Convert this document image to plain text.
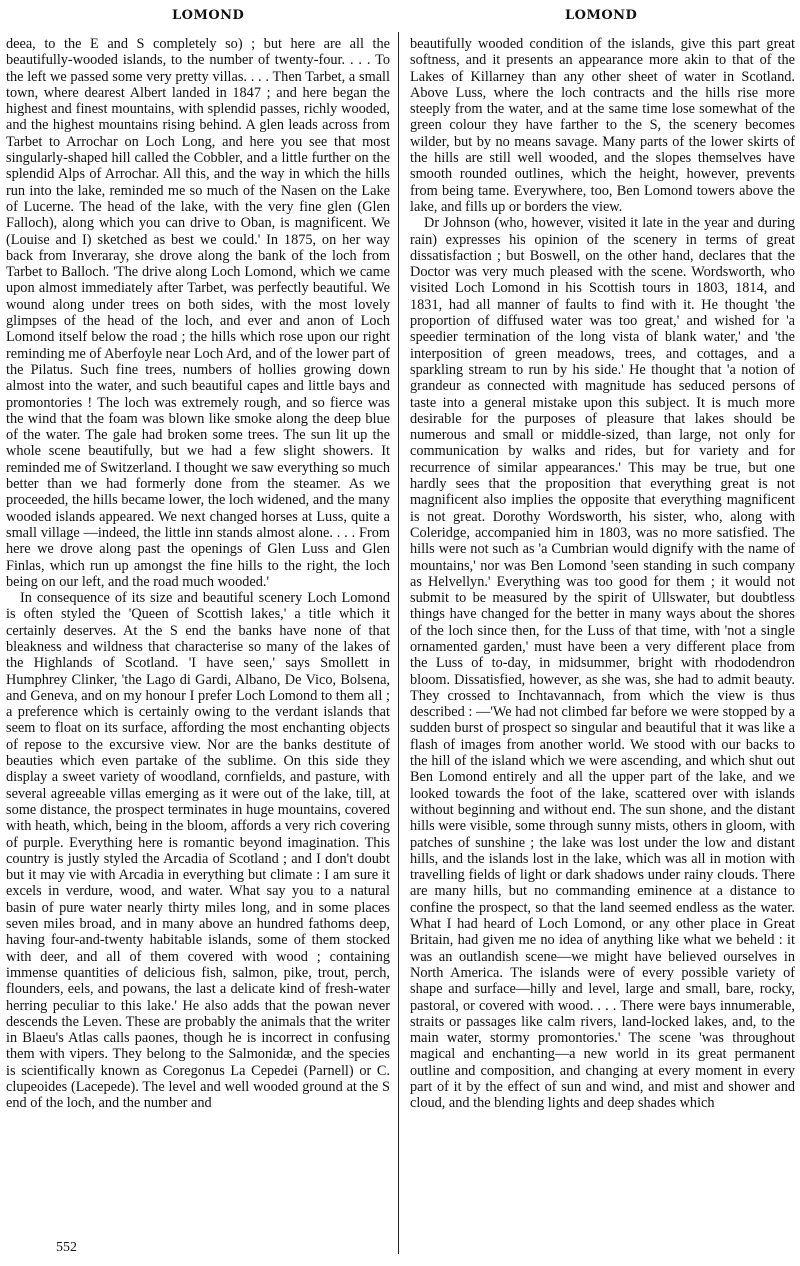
LOMOND	LOMOND

deea, to the E and S completely so) ; but here are all the beautifully-wooded islands, to the number of twenty-four. . . . To the left we passed some very pretty villas. . . . Then Tarbet, a small town, where dearest Albert landed in 1847 ; and here began the highest and finest mountains, with splendid passes, richly wooded, and the highest mountains rising behind. A glen leads across from Tarbet to Arrochar on Loch Long, and here you see that most singularly-shaped hill called the Cobbler, and a little further on the splendid Alps of Arrochar. All this, and the way in which the hills run into the lake, reminded me so much of the Nasen on the Lake of Lucerne. The head of the lake, with the very fine glen (Glen Falloch), along which you can drive to Oban, is magnificent. We (Louise and I) sketched as best we could.' In 1875, on her way back from Inveraray, she drove along the bank of the loch from Tarbet to Balloch. 'The drive along Loch Lomond, which we came upon almost immediately after Tarbet, was perfectly beautiful. We wound along under trees on both sides, with the most lovely glimpses of the head of the loch, and ever and anon of Loch Lomond itself below the road ; the hills which rose upon our right reminding me of Aberfoyle near Loch Ard, and of the lower part of the Pilatus. Such fine trees, numbers of hollies growing down almost into the water, and such beautiful capes and little bays and promontories ! The loch was extremely rough, and so fierce was the wind that the foam was blown like smoke along the deep blue of the water. The gale had broken some trees. The sun lit up the whole scene beautifully, but we had a few slight showers. It reminded me of Switzerland. I thought we saw everything so much better than we had formerly done from the steamer. As we proceeded, the hills became lower, the loch widened, and the many wooded islands appeared. We next changed horses at Luss, quite a small village —indeed, the little inn stands almost alone. . . . From here we drove along past the openings of Glen Luss and Glen Finlas, which run up amongst the fine hills to the right, the loch being on our left, and the road much wooded.'

In consequence of its size and beautiful scenery Loch Lomond is often styled the 'Queen of Scottish lakes,' a title which it certainly deserves. At the S end the banks have none of that bleakness and wildness that characterise so many of the lakes of the Highlands of Scotland. 'I have seen,' says Smollett in Humphrey Clinker, 'the Lago di Gardi, Albano, De Vico, Bolsena, and Geneva, and on my honour I prefer Loch Lomond to them all ; a preference which is certainly owing to the verdant islands that seem to float on its surface, affording the most enchanting objects of repose to the excursive view. Nor are the banks destitute of beauties which even partake of the sublime. On this side they display a sweet variety of woodland, cornfields, and pasture, with several agreeable villas emerging as it were out of the lake, till, at some distance, the prospect terminates in huge mountains, covered with heath, which, being in the bloom, affords a very rich covering of purple. Everything here is romantic beyond imagination. This country is justly styled the Arcadia of Scotland ; and I don't doubt but it may vie with Arcadia in everything but climate : I am sure it excels in verdure, wood, and water. What say you to a natural basin of pure water nearly thirty miles long, and in some places seven miles broad, and in many above an hundred fathoms deep, having four-and-twenty habitable islands, some of them stocked with deer, and all of them covered with wood ; containing immense quantities of delicious fish, salmon, pike, trout, perch, flounders, eels, and powans, the last a delicate kind of fresh-water herring peculiar to this lake.' He also adds that the powan never descends the Leven. These are probably the animals that the writer in Blaeu's Atlas calls paones, though he is incorrect in confusing them with vipers. They belong to the Salmonidæ, and the species is scientifically known as Coregonus La Cepedei (Parnell) or C. clupeoides (Lacepede). The level and well wooded ground at the S end of the loch, and the number and

beautifully wooded condition of the islands, give this part great softness, and it presents an appearance more akin to that of the Lakes of Killarney than any other sheet of water in Scotland. Above Luss, where the loch contracts and the hills rise more steeply from the water, and at the same time lose somewhat of the green colour they have farther to the S, the scenery becomes wilder, but by no means savage. Many parts of the lower skirts of the hills are still well wooded, and the slopes themselves have smooth rounded outlines, which the height, however, prevents from being tame. Everywhere, too, Ben Lomond towers above the lake, and fills up or borders the view.

Dr Johnson (who, however, visited it late in the year and during rain) expresses his opinion of the scenery in terms of great dissatisfaction ; but Boswell, on the other hand, declares that the Doctor was very much pleased with the scene. Wordsworth, who visited Loch Lomond in his Scottish tours in 1803, 1814, and 1831, had all manner of faults to find with it. He thought 'the proportion of diffused water was too great,' and wished for 'a speedier termination of the long vista of blank water,' and 'the interposition of green meadows, trees, and cottages, and a sparkling stream to run by his side.' He thought that 'a notion of grandeur as connected with magnitude has seduced persons of taste into a general mistake upon this subject. It is much more desirable for the purposes of pleasure that lakes should be numerous and small or middle-sized, than large, not only for communication by walks and rides, but for variety and for recurrence of similar appearances.' This may be true, but one hardly sees that the proposition that everything great is not magnificent also implies the opposite that everything magnificent is not great. Dorothy Wordsworth, his sister, who, along with Coleridge, accompanied him in 1803, was no more satisfied. The hills were not such as 'a Cumbrian would dignify with the name of mountains,' nor was Ben Lomond 'seen standing in such company as Helvellyn.' Everything was too good for them ; it would not submit to be measured by the spirit of Ullswater, but doubtless things have changed for the better in many ways about the shores of the loch since then, for the Luss of that time, with 'not a single ornamented garden,' must have been a very different place from the Luss of to-day, in midsummer, bright with rhododendron bloom. Dissatisfied, however, as she was, she had to admit beauty. They crossed to Inchtavannach, from which the view is thus described : —'We had not climbed far before we were stopped by a sudden burst of prospect so singular and beautiful that it was like a flash of images from another world. We stood with our backs to the hill of the island which we were ascending, and which shut out Ben Lomond entirely and all the upper part of the lake, and we looked towards the foot of the lake, scattered over with islands without beginning and without end. The sun shone, and the distant hills were visible, some through sunny mists, others in gloom, with patches of sunshine ; the lake was lost under the low and distant hills, and the islands lost in the lake, which was all in motion with travelling fields of light or dark shadows under rainy clouds. There are many hills, but no commanding eminence at a distance to confine the prospect, so that the land seemed endless as the water. What I had heard of Loch Lomond, or any other place in Great Britain, had given me no idea of anything like what we beheld : it was an outlandish scene—we might have believed ourselves in North America. The islands were of every possible variety of shape and surface—hilly and level, large and small, bare, rocky, pastoral, or covered with wood. . . . There were bays innumerable, straits or passages like calm rivers, land-locked lakes, and, to the main water, stormy promontories.' The scene 'was throughout magical and enchanting—a new world in its great permanent outline and composition, and changing at every moment in every part of it by the effect of sun and wind, and mist and shower and cloud, and the blending lights and deep shades which

552
